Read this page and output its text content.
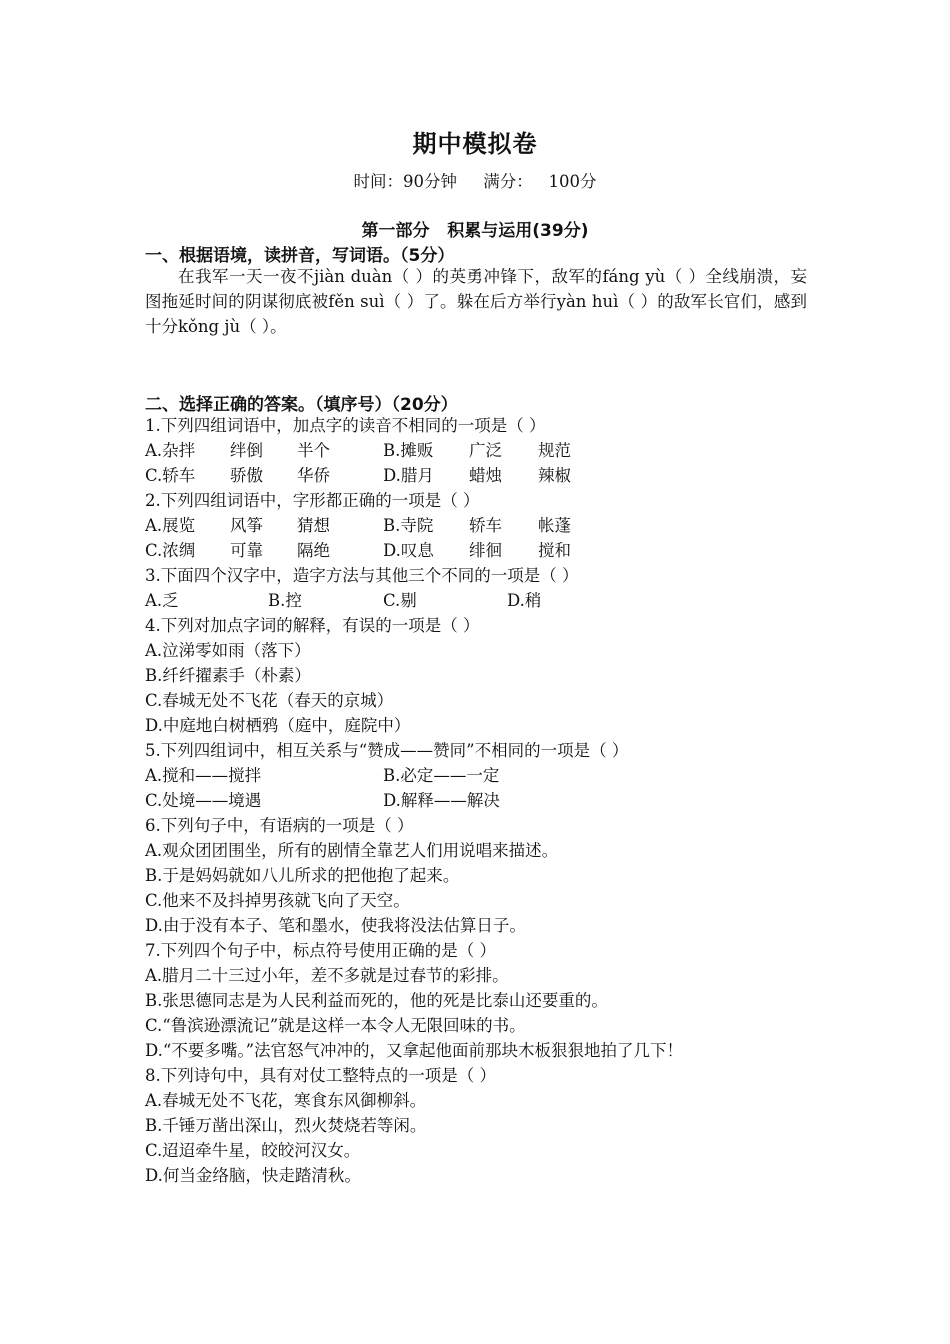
期中模拟卷
时间：90分钟     满分：   100分
第一部分   积累与运用(39分)
一、根据语境，读拼音，写词语。（5分）
在我军一天一夜不jiàn duàn（ ）的英勇冲锋下，敌军的fáng yù（ ）全线崩溃，妄图拖延时间的阴谋彻底被fěn suì（ ）了。躲在后方举行yàn huì（ ）的敌军长官们，感到十分kǒng jù（ ）。
二、选择正确的答案。（填序号）（20分）
1.下列四组词语中，加点字的读音不相同的一项是（ ）
A.杂拌 绊倒 半个	B.摊贩 广泛 规范
C.轿车 骄傲 华侨	D.腊月 蜡烛 辣椒
2.下列四组词语中，字形都正确的一项是（ ）
A.展览 风筝 猜想	B.寺院 轿车 帐蓬
C.浓绸 可靠 隔绝	D.叹息 绯徊 搅和
3.下面四个汉字中，造字方法与其他三个不同的一项是（ ）
A.乏	B.控	C.剔	D.稍
4.下列对加点字词的解释，有误的一项是（ ）
A.泣涕零如雨（落下）
B.纤纤擢素手（朴素）
C.春城无处不飞花（春天的京城）
D.中庭地白树栖鸦（庭中，庭院中）
5.下列四组词中，相互关系与“赞成——赞同”不相同的一项是（ ）
A.搅和——搅拌	B.必定——一定
C.处境——境遇	D.解释——解决
6.下列句子中，有语病的一项是（ ）
A.观众团团围坐，所有的剧情全靠艺人们用说唱来描述。
B.于是妈妈就如八儿所求的把他抱了起来。
C.他来不及抖掉男孩就飞向了天空。
D.由于没有本子、笔和墨水，使我将没法估算日子。
7.下列四个句子中，标点符号使用正确的是（ ）
A.腊月二十三过小年，差不多就是过春节的彩排。
B.张思德同志是为人民利益而死的，他的死是比泰山还要重的。
C.“鲁滨逊漂流记”就是这样一本令人无限回味的书。
D.“不要多嘴。”法官怒气冲冲的，又拿起他面前那块木板狠狠地拍了几下！
8.下列诗句中，具有对仗工整特点的一项是（ ）
A.春城无处不飞花，寒食东风御柳斜。
B.千锤万凿出深山，烈火焚烧若等闲。
C.迢迢牵牛星，皎皎河汉女。
D.何当金络脑，快走踏清秋。
